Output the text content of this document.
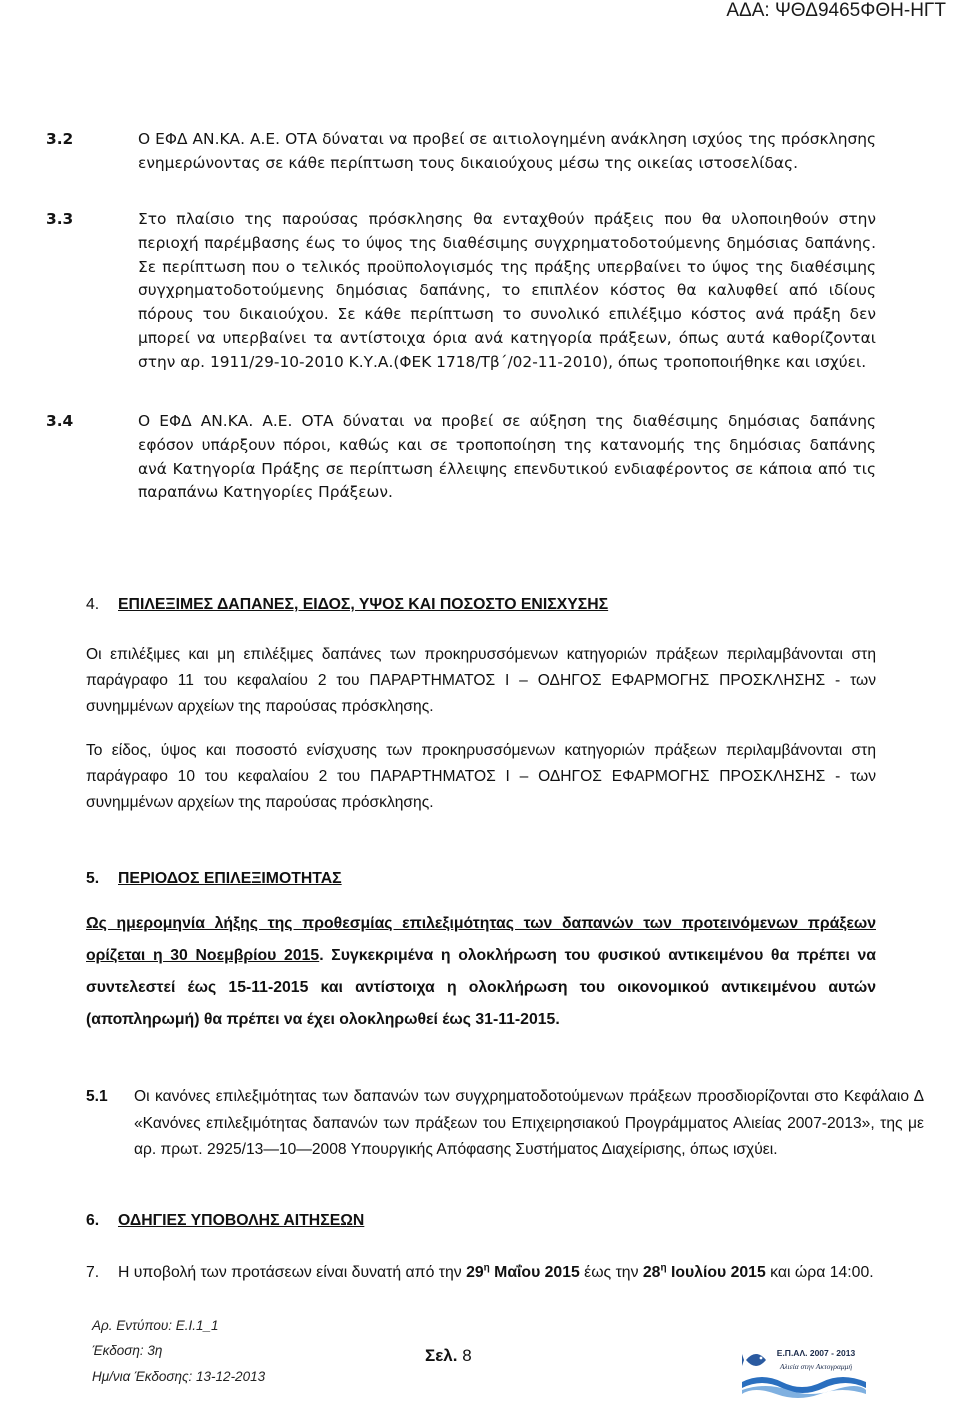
ΑΔΑ: ΨΘΔ9465ΦΘΗ-ΗΓΤ
3.2	Ο ΕΦΔ ΑΝ.ΚΑ. Α.Ε. ΟΤΑ δύναται να προβεί σε αιτιολογημένη ανάκληση ισχύος της πρόσκλησης ενημερώνοντας σε κάθε περίπτωση τους δικαιούχους μέσω της οικείας ιστοσελίδας.
3.3	Στο πλαίσιο της παρούσας πρόσκλησης θα ενταχθούν πράξεις που θα υλοποιηθούν στην περιοχή παρέμβασης έως το ύψος της διαθέσιμης συγχρηματοδοτούμενης δημόσιας δαπάνης. Σε περίπτωση που ο τελικός προϋπολογισμός της πράξης υπερβαίνει το ύψος της διαθέσιμης συγχρηματοδοτούμενης δημόσιας δαπάνης, το επιπλέον κόστος θα καλυφθεί από ιδίους πόρους του δικαιούχου. Σε κάθε περίπτωση το συνολικό επιλέξιμο κόστος ανά πράξη δεν μπορεί να υπερβαίνει τα αντίστοιχα όρια ανά κατηγορία πράξεων, όπως αυτά καθορίζονται στην αρ. 1911/29-10-2010 Κ.Υ.Α.(ΦΕΚ 1718/Τβ΄/02-11-2010), όπως τροποποιήθηκε και ισχύει.
3.4	Ο ΕΦΔ ΑΝ.ΚΑ. Α.Ε. ΟΤΑ δύναται να προβεί σε αύξηση της διαθέσιμης δημόσιας δαπάνης εφόσον υπάρξουν πόροι, καθώς και σε τροποποίηση της κατανομής της δημόσιας δαπάνης ανά Κατηγορία Πράξης σε περίπτωση έλλειψης επενδυτικού ενδιαφέροντος σε κάποια από τις παραπάνω Κατηγορίες Πράξεων.
4. ΕΠΙΛΕΞΙΜΕΣ ΔΑΠΑΝΕΣ, ΕΙΔΟΣ, ΥΨΟΣ ΚΑΙ ΠΟΣΟΣΤΟ ΕΝΙΣΧΥΣΗΣ
Οι επιλέξιμες και μη επιλέξιμες δαπάνες των προκηρυσσόμενων κατηγοριών πράξεων περιλαμβάνονται στη παράγραφο 11 του κεφαλαίου 2 του ΠΑΡΑΡΤΗΜΑΤΟΣ Ι – ΟΔΗΓΟΣ ΕΦΑΡΜΟΓΗΣ ΠΡΟΣΚΛΗΣΗΣ - των συνημμένων αρχείων της παρούσας πρόσκλησης.
Το είδος, ύψος και ποσοστό ενίσχυσης των προκηρυσσόμενων κατηγοριών πράξεων περιλαμβάνονται στη παράγραφο 10 του κεφαλαίου 2 του ΠΑΡΑΡΤΗΜΑΤΟΣ Ι – ΟΔΗΓΟΣ ΕΦΑΡΜΟΓΗΣ ΠΡΟΣΚΛΗΣΗΣ - των συνημμένων αρχείων της παρούσας πρόσκλησης.
5. ΠΕΡΙΟΔΟΣ ΕΠΙΛΕΞΙΜΟΤΗΤΑΣ
Ως ημερομηνία λήξης της προθεσμίας επιλεξιμότητας των δαπανών των προτεινόμενων πράξεων ορίζεται η 30 Νοεμβρίου 2015. Συγκεκριμένα η ολοκλήρωση του φυσικού αντικειμένου θα πρέπει να συντελεστεί έως 15-11-2015 και αντίστοιχα η ολοκλήρωση του οικονομικού αντικειμένου αυτών (αποπληρωμή) θα πρέπει να έχει ολοκληρωθεί έως 31-11-2015.
5.1 Οι κανόνες επιλεξιμότητας των δαπανών των συγχρηματοδοτούμενων πράξεων προσδιορίζονται στο Κεφάλαιο Δ «Κανόνες επιλεξιμότητας δαπανών των πράξεων του Επιχειρησιακού Προγράμματος Αλιείας 2007-2013», της με αρ. πρωτ. 2925/13—10—2008 Υπουργικής Απόφασης Συστήματος Διαχείρισης, όπως ισχύει.
6. ΟΔΗΓΙΕΣ ΥΠΟΒΟΛΗΣ ΑΙΤΗΣΕΩΝ
7. Η υποβολή των προτάσεων είναι δυνατή από την $29^\eta$ Μαΐου 2015 έως την $28^\eta$ Ιουλίου 2015 και ώρα 14:00.
Αρ. Εντύπου: Ε.Ι.1_1
Έκδοση: 3η
Ημ/νια Έκδοσης: 13-12-2013
Σελ. 8	Ε.Π.ΑΛ. 2007 - 2013
Αλιεία στην Ακτογραμμή
